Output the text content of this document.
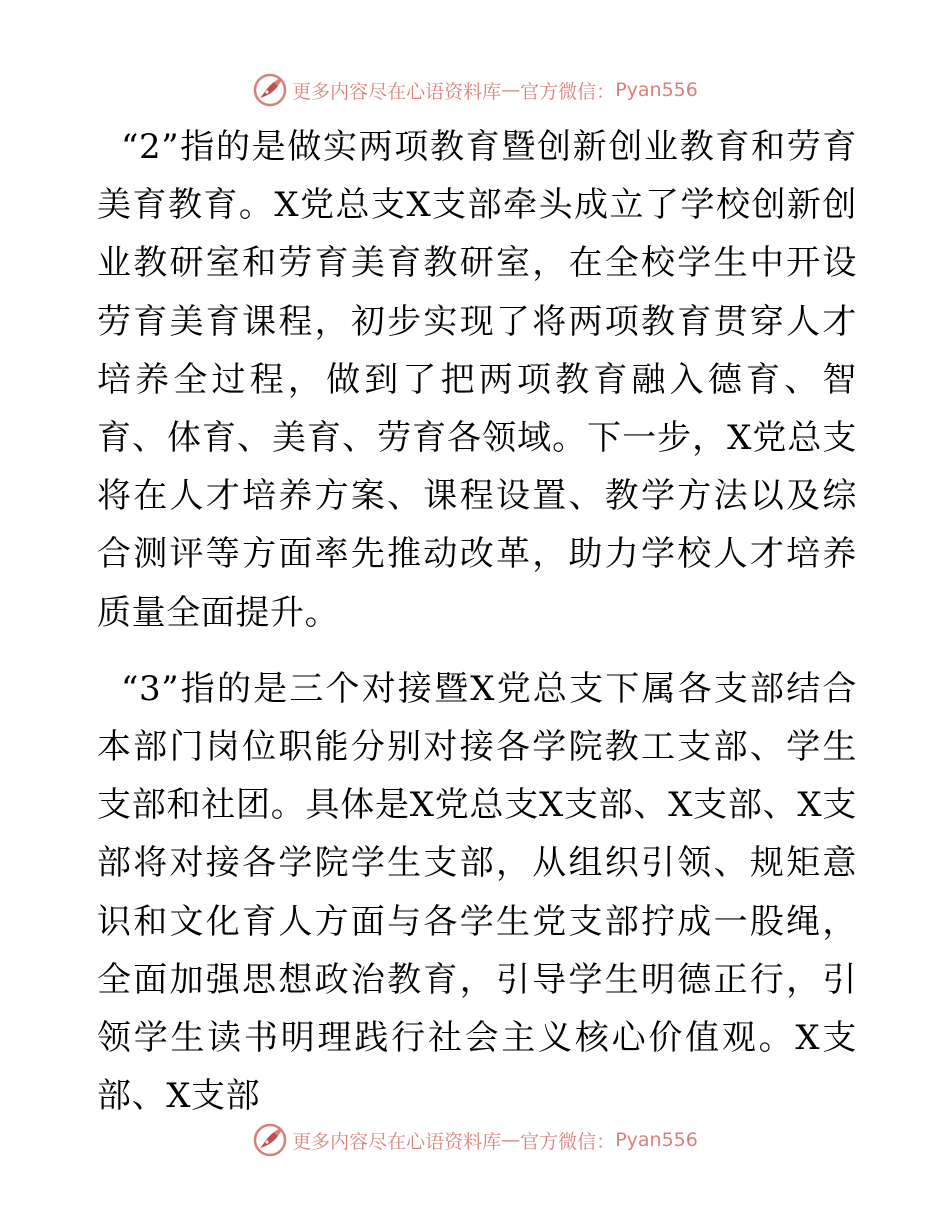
更多内容尽在心语资料库 — 官方微信： Pyan556

“2”指的是做实两项教育暨创新创业教育和劳育美育教育。X党总支X支部牵头成立了学校创新创业教研室和劳育美育教研室，在全校学生中开设劳育美育课程，初步实现了将两项教育贯穿人才培养全过程，做到了把两项教育融入德育、智育、体育、美育、劳育各领域。下一步，X党总支将在人才培养方案、课程设置、教学方法以及综合测评等方面率先推动改革，助力学校人才培养质量全面提升。

“3”指的是三个对接暨X党总支下属各支部结合本部门岗位职能分别对接各学院教工支部、学生支部和社团。具体是X党总支X支部、X支部、X支部将对接各学院学生支部，从组织引领、规矩意识和文化育人方面与各学生党支部拧成一股绳，全面加强思想政治教育，引导学生明德正行，引领学生读书明理践行社会主义核心价值观。X支部、X支部

更多内容尽在心语资料库 — 官方微信： Pyan556
